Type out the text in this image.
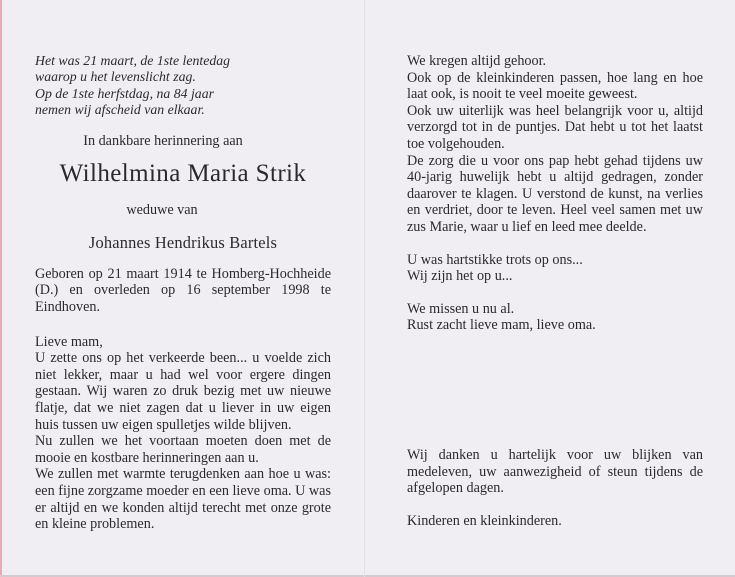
Het was 21 maart, de 1ste lentedag

waarop u het levenslicht zag.

Op de 1ste herfstdag, na 84 jaar

nemen wij afscheid van elkaar.

In dankbare herinnering aan
Wilhelmina Maria Strik
weduwe van
Johannes Hendrikus Bartels

Geboren op 21 maart 1914 te Homberg-Hochheide (D.) en overleden op 16 september 1998 te Eindhoven.

Lieve mam,

U zette ons op het verkeerde been... u voelde zich niet lekker, maar u had wel voor ergere dingen gestaan. Wij waren zo druk bezig met uw nieuwe flatje, dat we niet zagen dat u liever in uw eigen huis tussen uw eigen spulletjes wilde blijven.

Nu zullen we het voortaan moeten doen met de mooie en kostbare herinneringen aan u.

We zullen met warmte terugdenken aan hoe u was: een fijne zorgzame moeder en een lieve oma. U was er altijd en we konden altijd terecht met onze grote en kleine problemen.

We kregen altijd gehoor.

Ook op de kleinkinderen passen, hoe lang en hoe laat ook, is nooit te veel moeite geweest.

Ook uw uiterlijk was heel belangrijk voor u, altijd verzorgd tot in de puntjes. Dat hebt u tot het laatst toe volgehouden.

De zorg die u voor ons pap hebt gehad tijdens uw 40-jarig huwelijk hebt u altijd gedragen, zonder daarover te klagen. U verstond de kunst, na verlies en verdriet, door te leven. Heel veel samen met uw zus Marie, waar u lief en leed mee deelde.

U was hartstikke trots op ons...

Wij zijn het op u...

We missen u nu al.

Rust zacht lieve mam, lieve oma.

Wij danken u hartelijk voor uw blijken van medeleven, uw aanwezigheid of steun tijdens de afgelopen dagen.

Kinderen en kleinkinderen.
